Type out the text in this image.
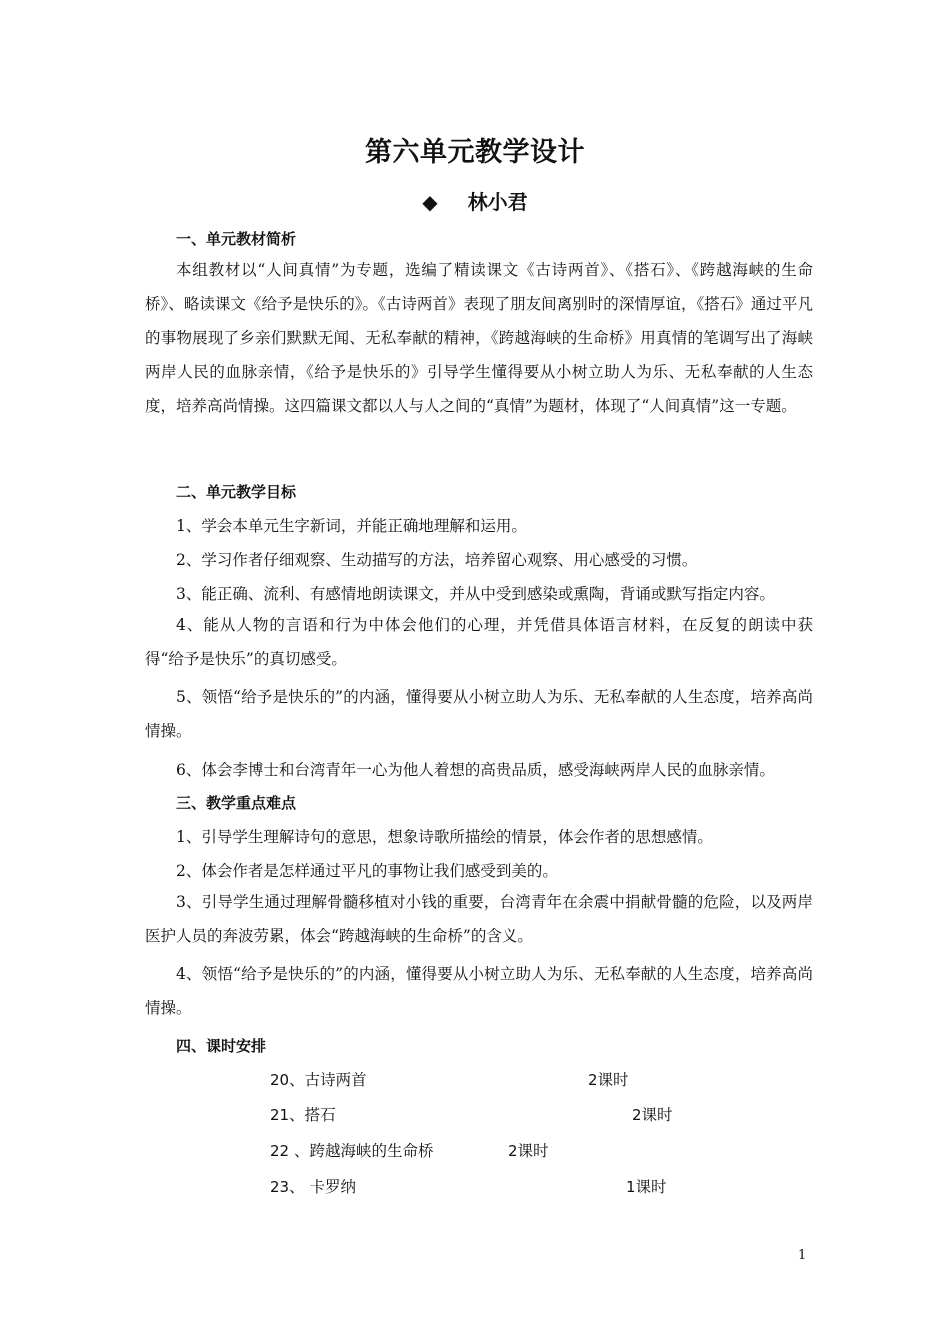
第六单元教学设计
◆ 林小君
一、单元教材简析
本组教材以“人间真情”为专题，选编了精读课文《古诗两首》、《搭石》、《跨越海峡的生命桥》、略读课文《给予是快乐的》。《古诗两首》表现了朋友间离别时的深情厚谊，《搭石》通过平凡的事物展现了乡亲们默默无闻、无私奉献的精神，《跨越海峡的生命桥》用真情的笔调写出了海峡两岸人民的血脉亲情，《给予是快乐的》引导学生懂得要从小树立助人为乐、无私奉献的人生态度，培养高尚情操。这四篇课文都以人与人之间的“真情”为题材，体现了“人间真情”这一专题。
二、单元教学目标
1、学会本单元生字新词，并能正确地理解和运用。
2、学习作者仔细观察、生动描写的方法，培养留心观察、用心感受的习惯。
3、能正确、流利、有感情地朗读课文，并从中受到感染或熏陶，背诵或默写指定内容。
4、能从人物的言语和行为中体会他们的心理，并凭借具体语言材料，在反复的朗读中获得“给予是快乐”的真切感受。
5、领悟“给予是快乐的”的内涵，懂得要从小树立助人为乐、无私奉献的人生态度，培养高尚情操。
6、体会李博士和台湾青年一心为他人着想的高贵品质，感受海峡两岸人民的血脉亲情。
三、教学重点难点
1、引导学生理解诗句的意思，想象诗歌所描绘的情景，体会作者的思想感情。
2、体会作者是怎样通过平凡的事物让我们感受到美的。
3、引导学生通过理解骨髓移植对小钱的重要，台湾青年在余震中捐献骨髓的危险，以及两岸医护人员的奔波劳累，体会“跨越海峡的生命桥”的含义。
4、领悟“给予是快乐的”的内涵，懂得要从小树立助人为乐、无私奉献的人生态度，培养高尚情操。
四、课时安排
20、古诗两首	2课时
21、搭石	2课时
22 、跨越海峡的生命桥	2课时
23、 卡罗纳	1课时
1
